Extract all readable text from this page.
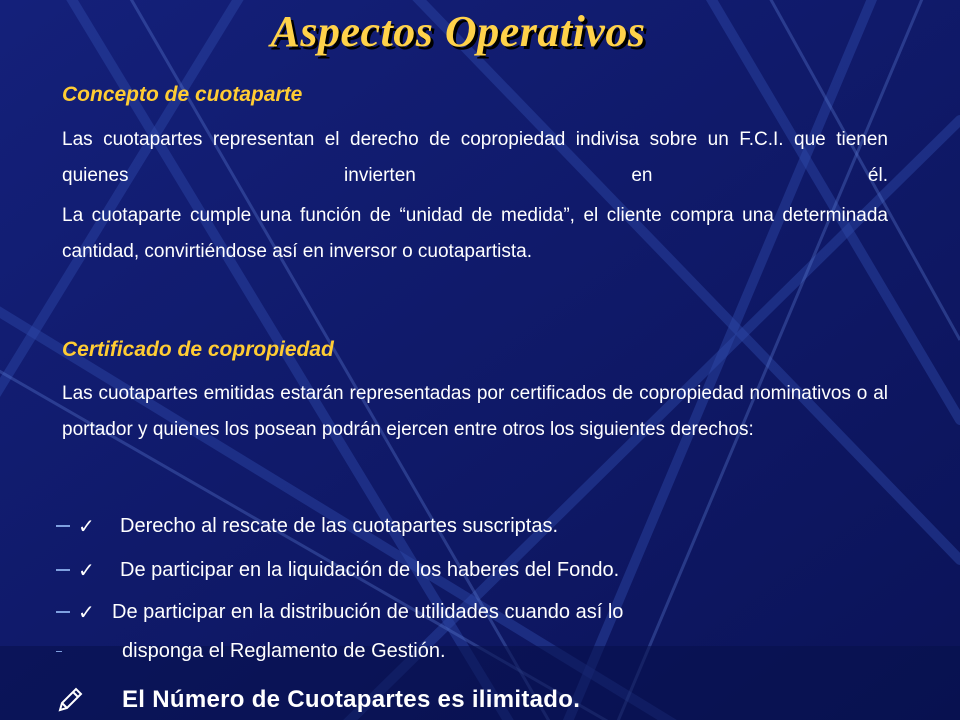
Aspectos Operativos
Concepto de cuotaparte
Las cuotapartes representan el derecho de copropiedad indivisa sobre un F.C.I. que tienen quienes invierten en él.
La cuotaparte cumple una función de “unidad de medida”, el cliente compra una determinada cantidad, convirtiéndose así en inversor o cuotapartista.
Certificado de copropiedad
Las cuotapartes emitidas estarán representadas por certificados de copropiedad nominativos o al portador y quienes los posean podrán ejercen entre otros los siguientes derechos:
✓ Derecho al rescate de las cuotapartes suscriptas.
✓ De participar en la liquidación de los haberes del Fondo.
✓ De participar en la distribución de utilidades cuando así lo
disponga el Reglamento de Gestión.
El Número de Cuotapartes es ilimitado.
